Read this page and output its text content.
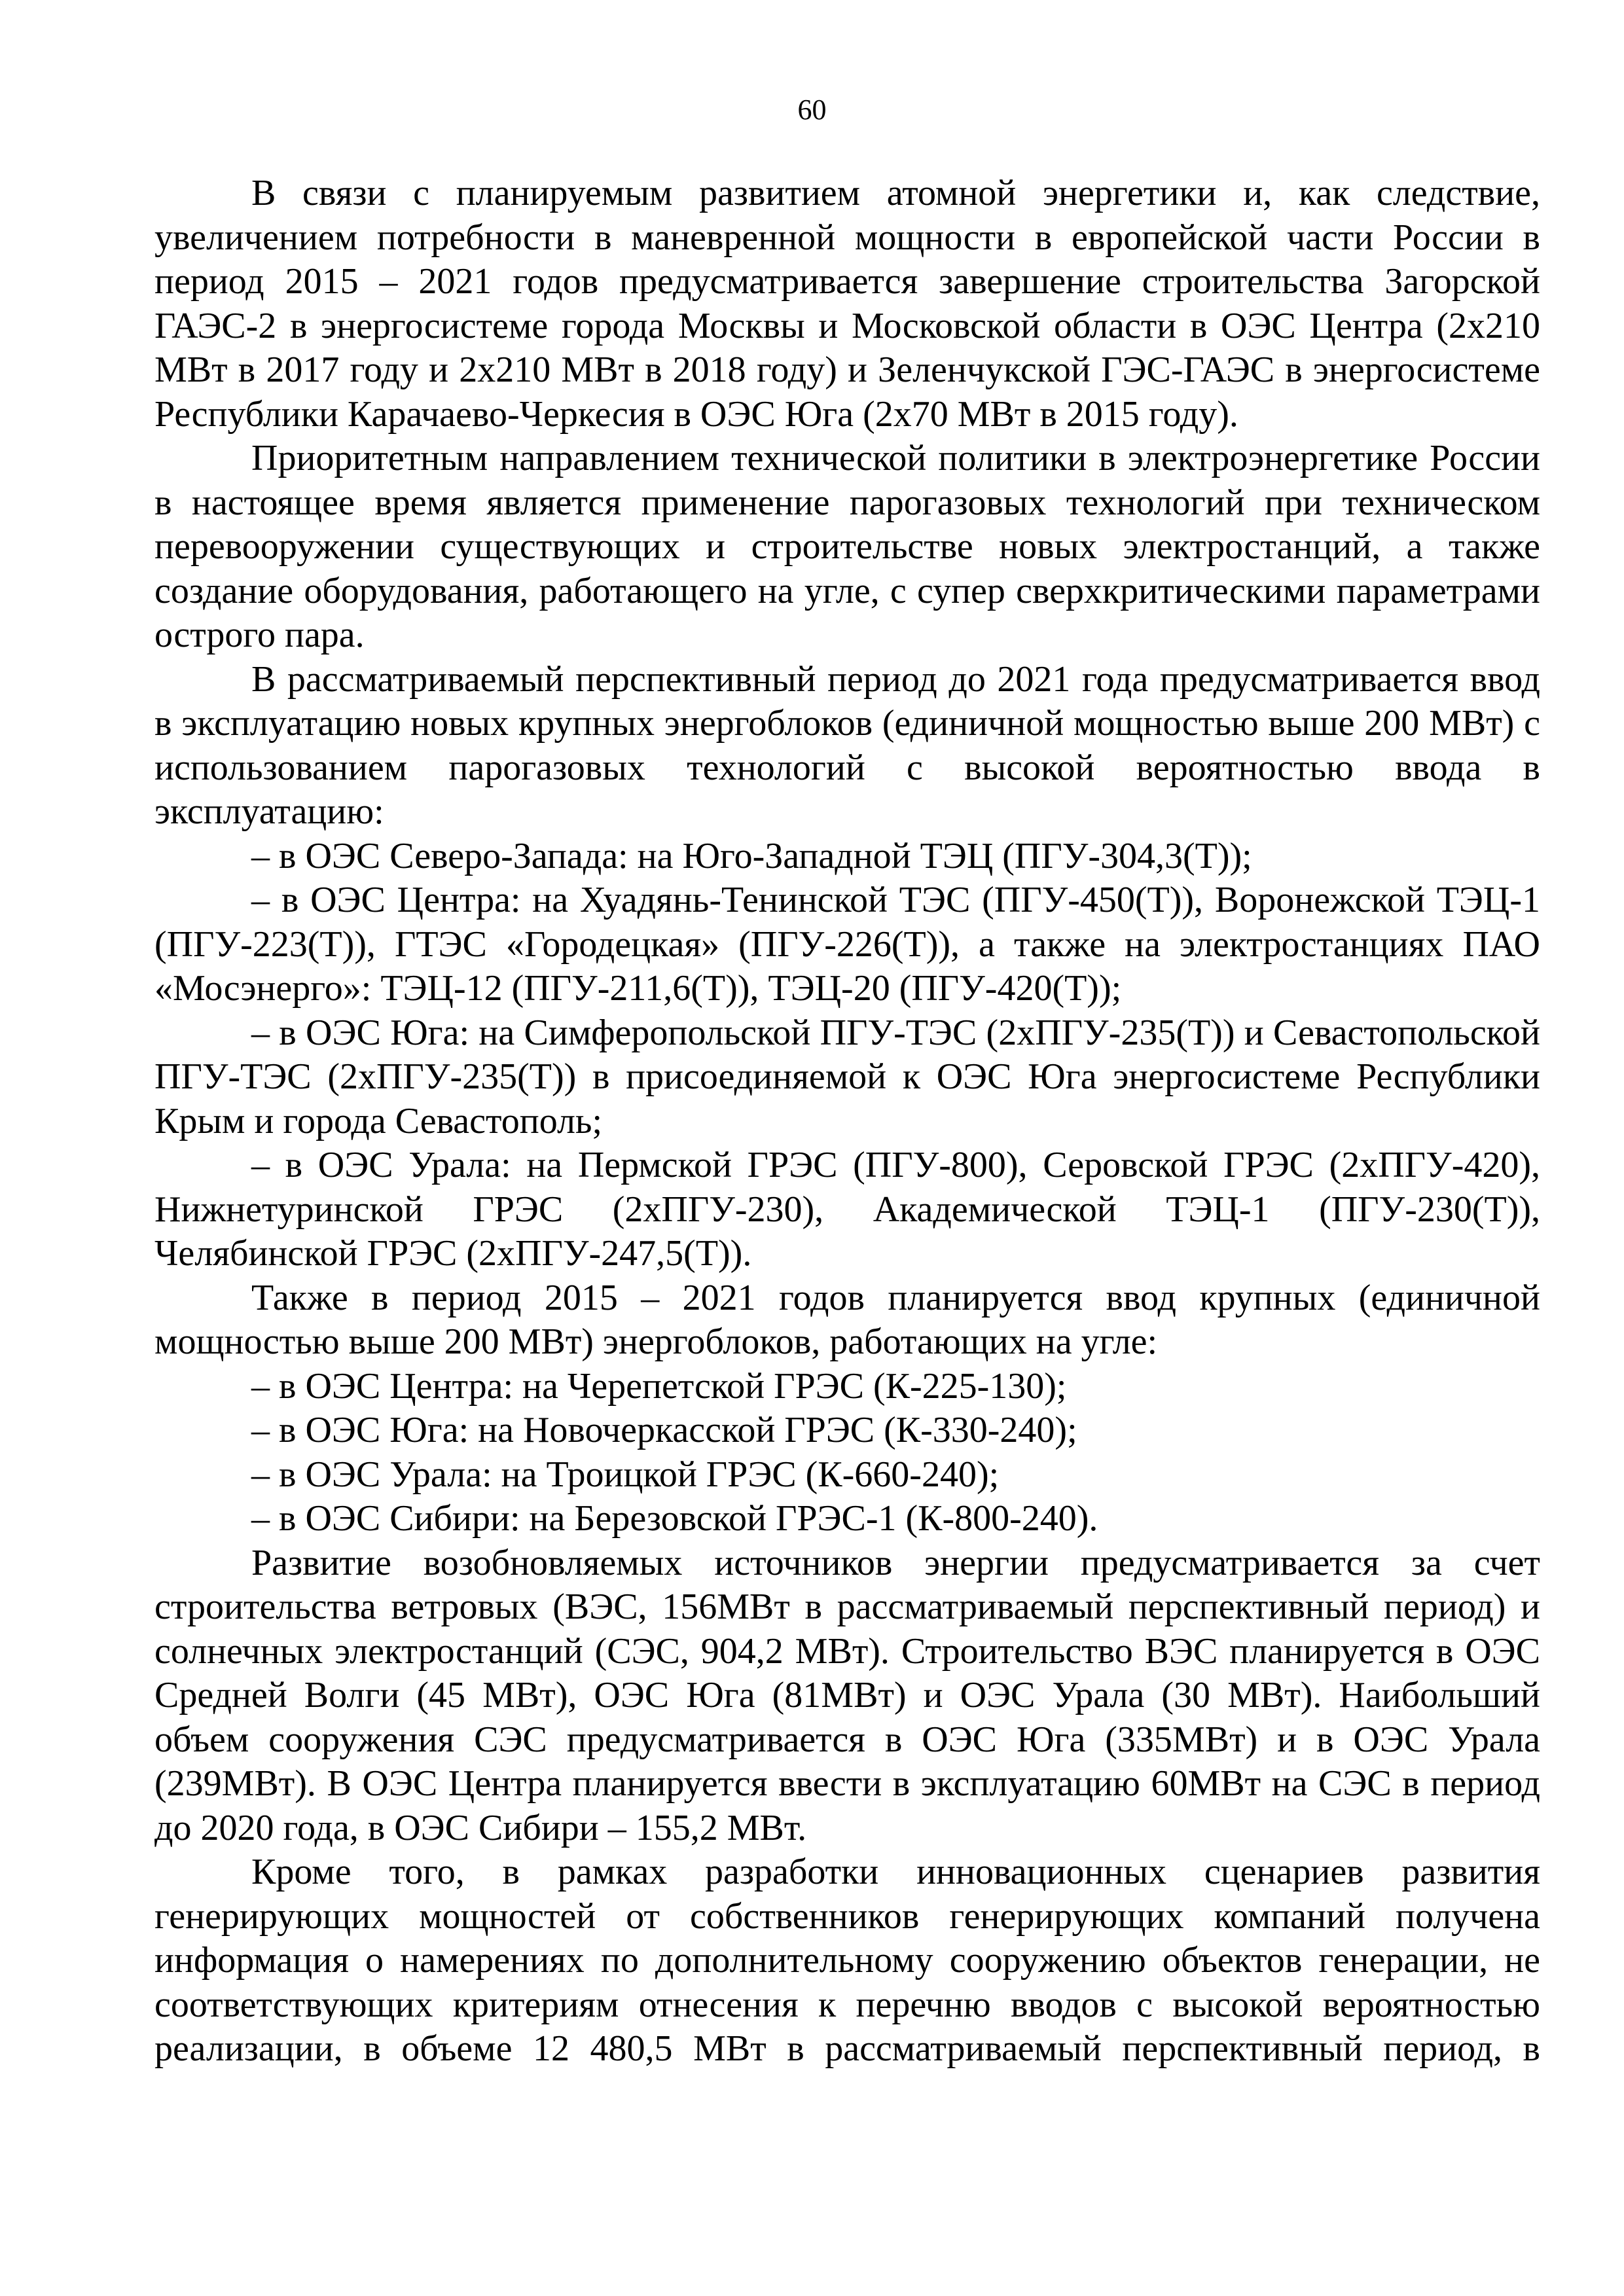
60

В связи с планируемым развитием атомной энергетики и, как следствие, увеличением потребности в маневренной мощности в европейской части России в период 2015 – 2021 годов предусматривается завершение строительства Загорской ГАЭС-2 в энергосистеме города Москвы и Московской области в ОЭС Центра (2х210 МВт в 2017 году и 2х210 МВт в 2018 году) и Зеленчукской ГЭС-ГАЭС в энергосистеме Республики Карачаево-Черкесия в ОЭС Юга (2х70 МВт в 2015 году).

Приоритетным направлением технической политики в электроэнергетике России в настоящее время является применение парогазовых технологий при техническом перевооружении существующих и строительстве новых электростанций, а также создание оборудования, работающего на угле, с супер сверхкритическими параметрами острого пара.

В рассматриваемый перспективный период до 2021 года предусматривается ввод в эксплуатацию новых крупных энергоблоков (единичной мощностью выше 200 МВт) с использованием парогазовых технологий с высокой вероятностью ввода в эксплуатацию:

– в ОЭС Северо-Запада: на Юго-Западной ТЭЦ (ПГУ-304,3(Т));

– в ОЭС Центра: на Хуадянь-Тенинской ТЭС (ПГУ-450(Т)), Воронежской ТЭЦ-1 (ПГУ-223(Т)), ГТЭС «Городецкая» (ПГУ-226(Т)), а также на электростанциях ПАО «Мосэнерго»: ТЭЦ-12 (ПГУ-211,6(Т)), ТЭЦ-20 (ПГУ-420(Т));

– в ОЭС Юга: на Симферопольской ПГУ-ТЭС (2хПГУ-235(Т)) и Севастопольской ПГУ-ТЭС (2хПГУ-235(Т)) в присоединяемой к ОЭС Юга энергосистеме Республики Крым и города Севастополь;

– в ОЭС Урала: на Пермской ГРЭС (ПГУ-800), Серовской ГРЭС (2хПГУ-420), Нижнетуринской ГРЭС (2хПГУ-230), Академической ТЭЦ-1 (ПГУ-230(Т)), Челябинской ГРЭС (2хПГУ-247,5(Т)).

Также в период 2015 – 2021 годов планируется ввод крупных (единичной мощностью выше 200 МВт) энергоблоков, работающих на угле:

– в ОЭС Центра: на Черепетской ГРЭС (К-225-130);

– в ОЭС Юга: на Новочеркасской ГРЭС (К-330-240);

– в ОЭС Урала: на Троицкой ГРЭС (К-660-240);

– в ОЭС Сибири: на Березовской ГРЭС-1 (К-800-240).

Развитие возобновляемых источников энергии предусматривается за счет строительства ветровых (ВЭС, 156МВт в рассматриваемый перспективный период) и солнечных электростанций (СЭС, 904,2 МВт). Строительство ВЭС планируется в ОЭС Средней Волги (45 МВт), ОЭС Юга (81МВт) и ОЭС Урала (30 МВт). Наибольший объем сооружения СЭС предусматривается в ОЭС Юга (335МВт) и в ОЭС Урала (239МВт). В ОЭС Центра планируется ввести в эксплуатацию 60МВт на СЭС в период до 2020 года, в ОЭС Сибири – 155,2 МВт.

Кроме того, в рамках разработки инновационных сценариев развития генерирующих мощностей от собственников генерирующих компаний получена информация о намерениях по дополнительному сооружению объектов генерации, не соответствующих критериям отнесения к перечню вводов с высокой вероятностью реализации, в объеме 12 480,5 МВт в рассматриваемый перспективный период, в
